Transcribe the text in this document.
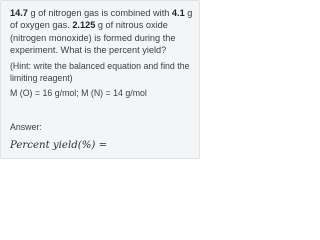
14.7 g of nitrogen gas is combined with 4.1 g of oxygen gas. 2.125 g of nitrous oxide (nitrogen monoxide) is formed during the experiment. What is the percent yield?
(Hint: write the balanced equation and find the limiting reagent)
M (O) = 16 g/mol; M (N) = 14 g/mol
Answer:
Percent yield(%) =
